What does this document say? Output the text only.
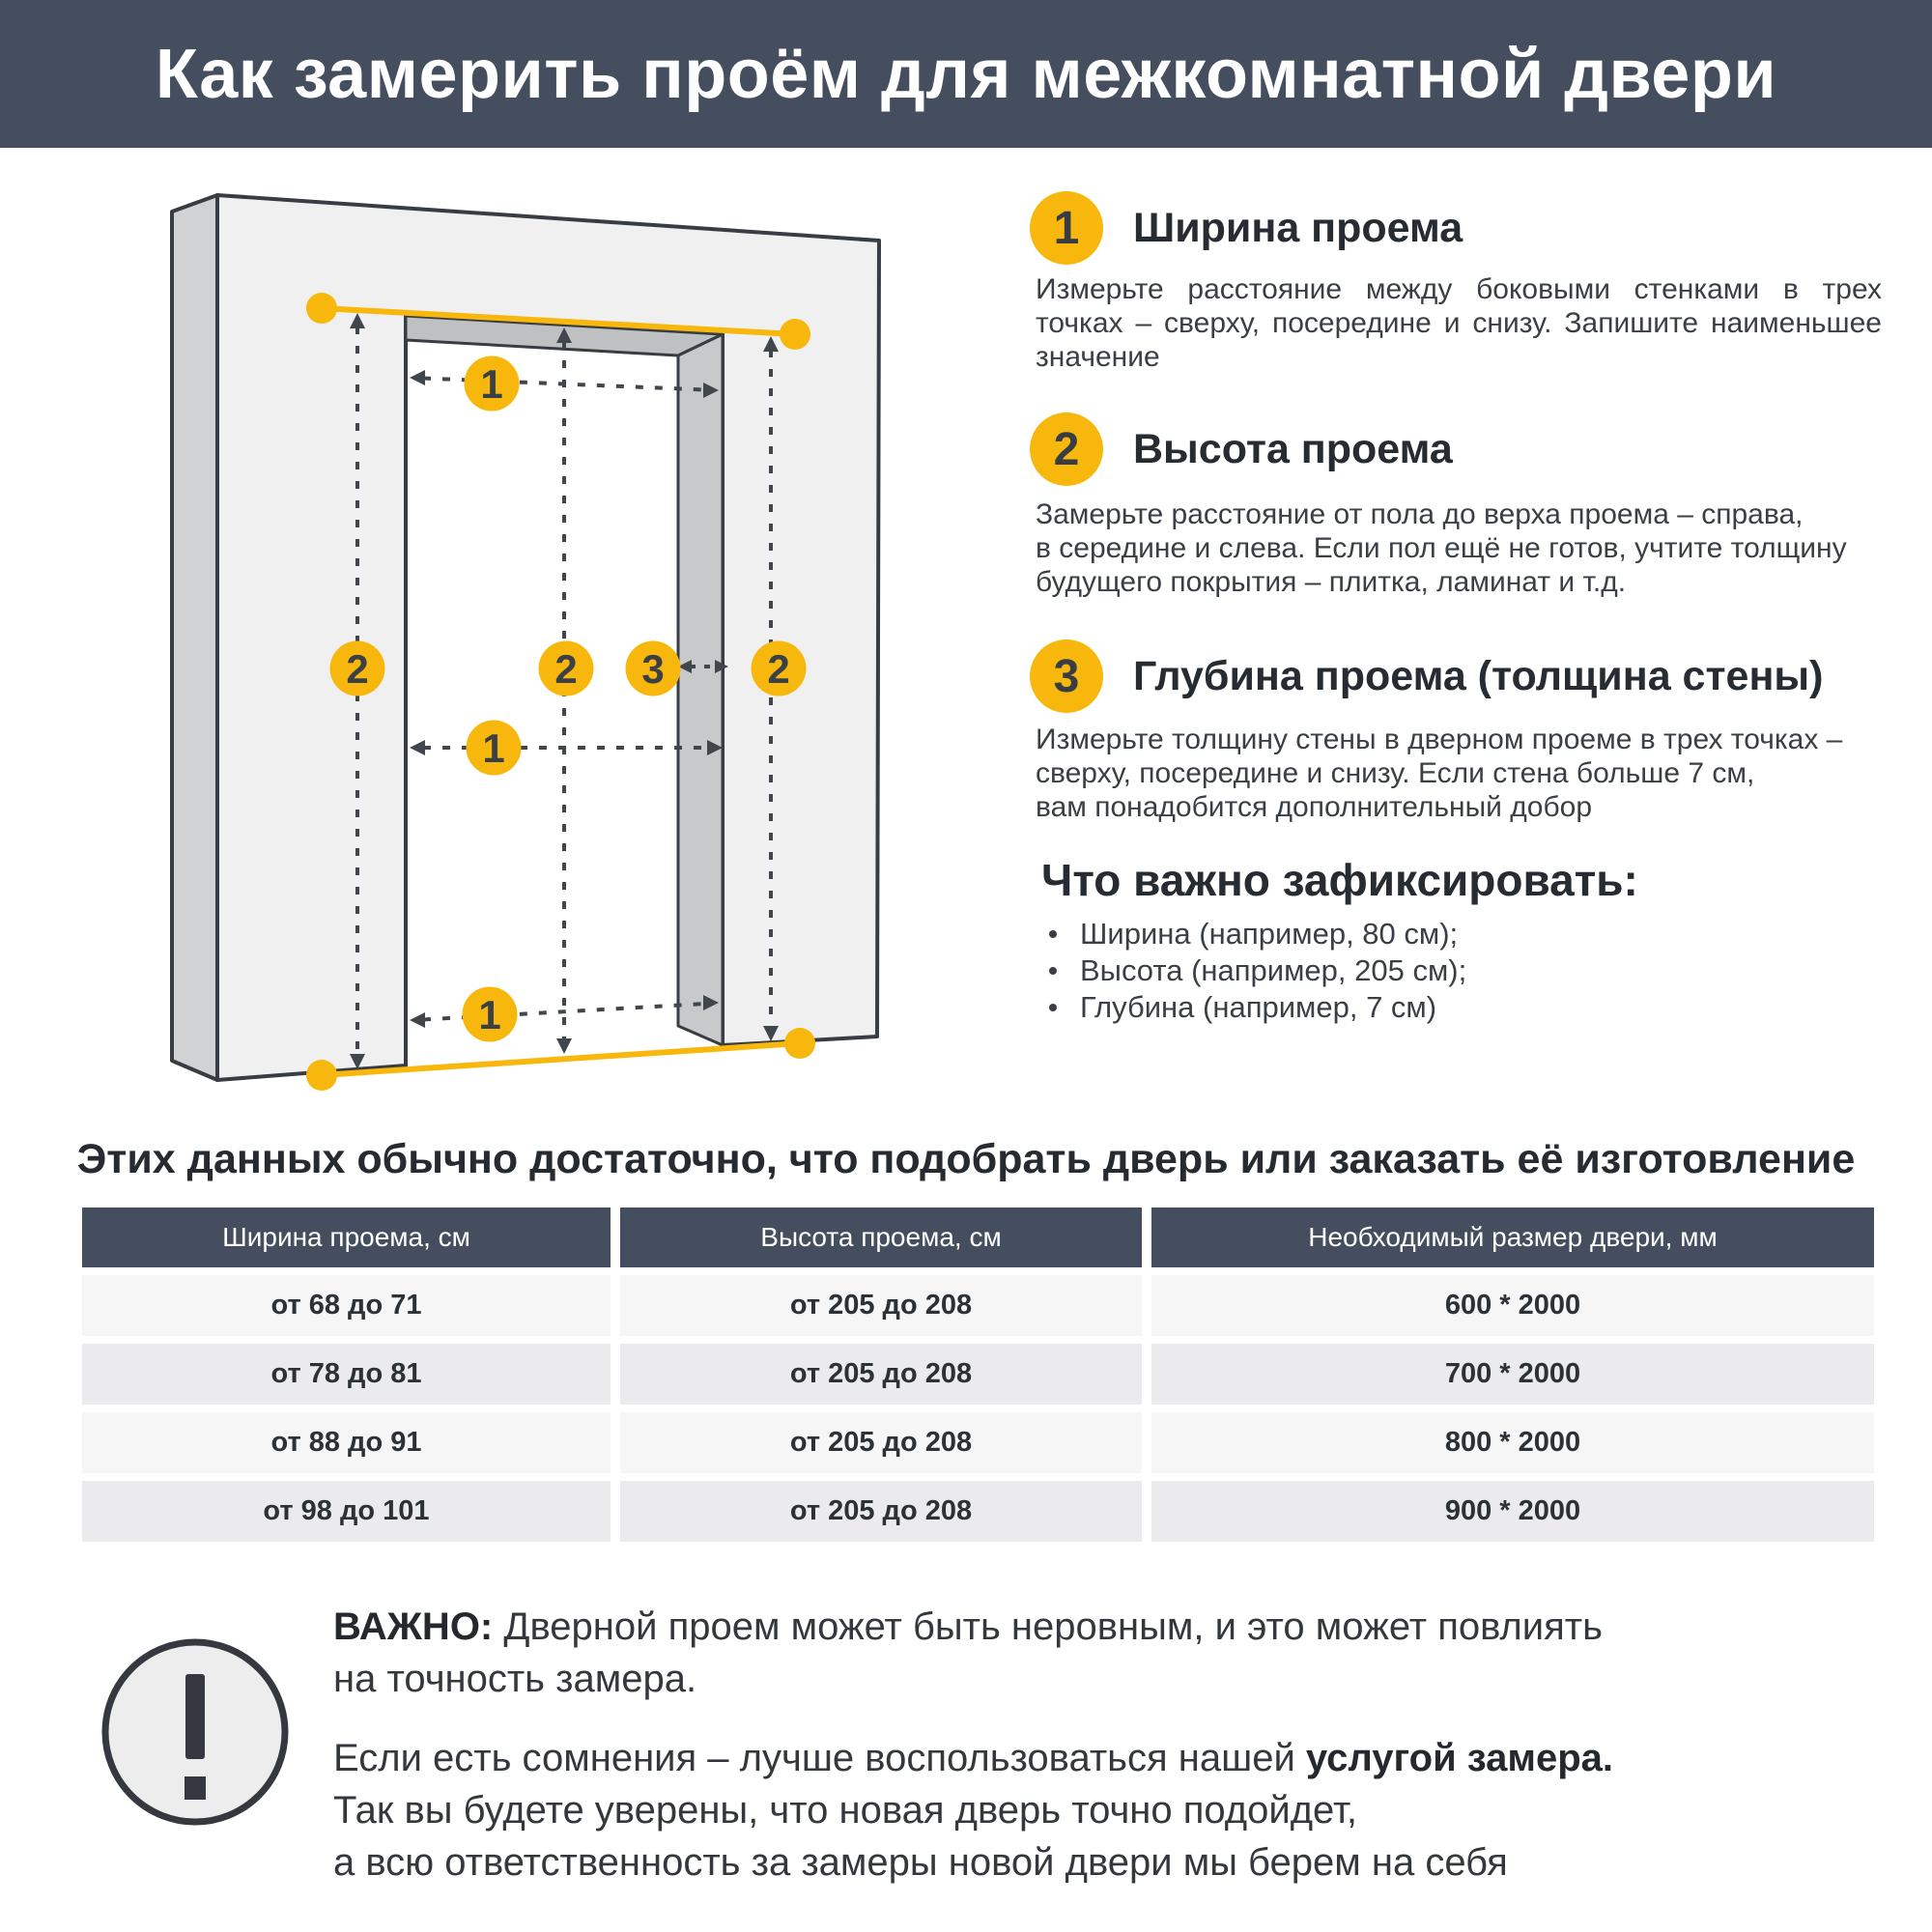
Как замерить проём для межкомнатной двери
1
1
1
2	2	2
3
1	Ширина проема
Измерьте расстояние между боковыми стенками в трех
точках – сверху, посередине и снизу. Запишите наименьшее
значение
2	Высота проема
Замерьте расстояние от пола до верха проема – справа,
в середине и слева. Если пол ещё не готов, учтите толщину
будущего покрытия – плитка, ламинат и т.д.
3	Глубина проема (толщина стены)
Измерьте толщину стены в дверном проеме в трех точках –
сверху, посередине и снизу. Если стена больше 7 см,
вам понадобится дополнительный добор
Что важно зафиксировать:
Ширина (например, 80 см);
Высота (например, 205 см);
Глубина (например, 7 см)
Этих данных обычно достаточно, что подобрать дверь или заказать её изготовление
Ширина проема, см	Высота проема, см	Необходимый размер двери, мм
от 68 до 71	от 205 до 208	600 * 2000
от 78 до 81	от 205 до 208	700 * 2000
от 88 до 91	от 205 до 208	800 * 2000
от 98 до 101	от 205 до 208	900 * 2000
ВАЖНО: Дверной проем может быть неровным, и это может повлиять
на точность замера.
Если есть сомнения – лучше воспользоваться нашей услугой замера.
Так вы будете уверены, что новая дверь точно подойдет,
а всю ответственность за замеры новой двери мы берем на себя
